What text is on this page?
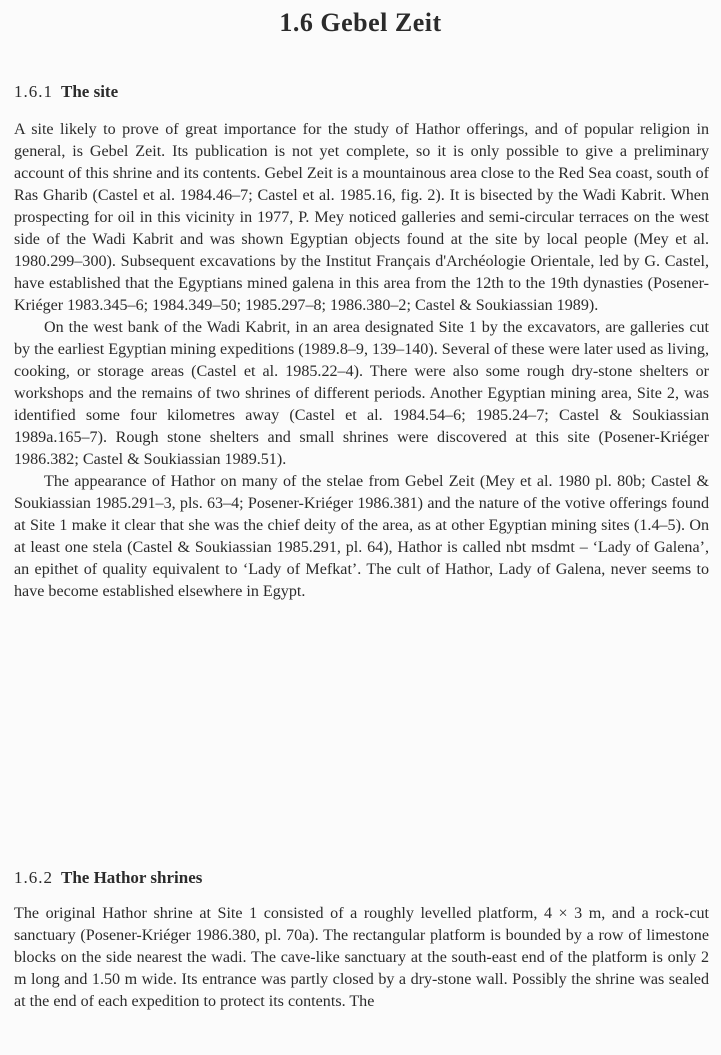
1.6 Gebel Zeit
1.6.1 The site

A site likely to prove of great importance for the study of Hathor offerings, and of popular religion in general, is Gebel Zeit. Its publication is not yet complete, so it is only possible to give a preliminary account of this shrine and its contents. Gebel Zeit is a mountainous area close to the Red Sea coast, south of Ras Gharib (Castel et al. 1984.46–7; Castel et al. 1985.16, fig. 2). It is bisected by the Wadi Kabrit. When prospecting for oil in this vicinity in 1977, P. Mey noticed galleries and semi-circular terraces on the west side of the Wadi Kabrit and was shown Egyptian objects found at the site by local people (Mey et al. 1980.299–300). Subsequent excavations by the Institut Français d'Archéologie Orientale, led by G. Castel, have established that the Egyptians mined galena in this area from the 12th to the 19th dynasties (Posener-Kriéger 1983.345–6; 1984.349–50; 1985.297–8; 1986.380–2; Castel & Soukiassian 1989).

On the west bank of the Wadi Kabrit, in an area designated Site 1 by the excavators, are galleries cut by the earliest Egyptian mining expeditions (1989.8–9, 139–140). Several of these were later used as living, cooking, or storage areas (Castel et al. 1985.22–4). There were also some rough dry-stone shelters or workshops and the remains of two shrines of different periods. Another Egyptian mining area, Site 2, was identified some four kilometres away (Castel et al. 1984.54–6; 1985.24–7; Castel & Soukiassian 1989a.165–7). Rough stone shelters and small shrines were discovered at this site (Posener-Kriéger 1986.382; Castel & Soukiassian 1989.51).

The appearance of Hathor on many of the stelae from Gebel Zeit (Mey et al. 1980 pl. 80b; Castel & Soukiassian 1985.291–3, pls. 63–4; Posener-Kriéger 1986.381) and the nature of the votive offerings found at Site 1 make it clear that she was the chief deity of the area, as at other Egyptian mining sites (1.4–5). On at least one stela (Castel & Soukiassian 1985.291, pl. 64), Hathor is called nbt msdmt – ‘Lady of Galena’, an epithet of quality equivalent to ‘Lady of Mefkat’. The cult of Hathor, Lady of Galena, never seems to have become established elsewhere in Egypt.

1.6.2 The Hathor shrines

The original Hathor shrine at Site 1 consisted of a roughly levelled platform, 4 × 3 m, and a rock-cut sanctuary (Posener-Kriéger 1986.380, pl. 70a). The rectangular platform is bounded by a row of limestone blocks on the side nearest the wadi. The cave-like sanctuary at the south-east end of the platform is only 2 m long and 1.50 m wide. Its entrance was partly closed by a dry-stone wall. Possibly the shrine was sealed at the end of each expedition to protect its contents. The
